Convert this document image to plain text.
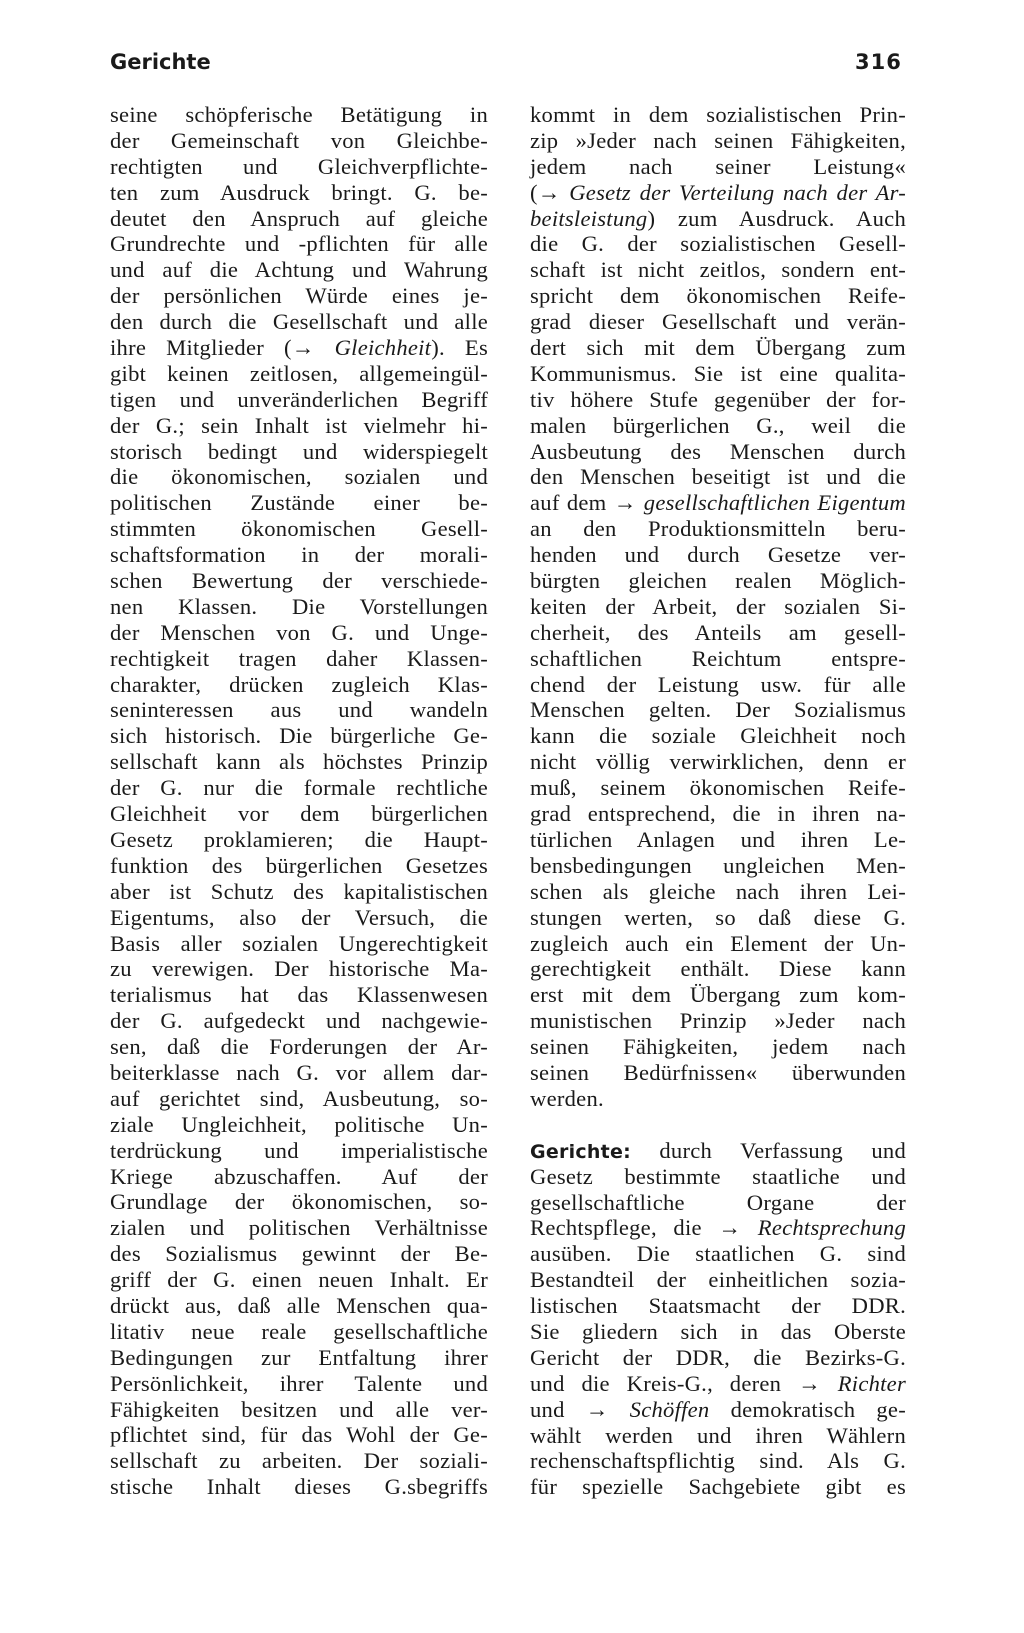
Gerichte	316
seine schöpferische Betätigung in
der Gemeinschaft von Gleichbe-
rechtigten und Gleichverpflichte-
ten zum Ausdruck bringt. G. be-
deutet den Anspruch auf gleiche
Grundrechte und -pflichten für alle
und auf die Achtung und Wahrung
der persönlichen Würde eines je-
den durch die Gesellschaft und alle
ihre Mitglieder (→ Gleichheit). Es
gibt keinen zeitlosen, allgemeingül-
tigen und unveränderlichen Begriff
der G.; sein Inhalt ist vielmehr hi-
storisch bedingt und widerspiegelt
die ökonomischen, sozialen und
politischen Zustände einer be-
stimmten ökonomischen Gesell-
schaftsformation in der morali-
schen Bewertung der verschiede-
nen Klassen. Die Vorstellungen
der Menschen von G. und Unge-
rechtigkeit tragen daher Klassen-
charakter, drücken zugleich Klas-
seninteressen aus und wandeln
sich historisch. Die bürgerliche Ge-
sellschaft kann als höchstes Prinzip
der G. nur die formale rechtliche
Gleichheit vor dem bürgerlichen
Gesetz proklamieren; die Haupt-
funktion des bürgerlichen Gesetzes
aber ist Schutz des kapitalistischen
Eigentums, also der Versuch, die
Basis aller sozialen Ungerechtigkeit
zu verewigen. Der historische Ma-
terialismus hat das Klassenwesen
der G. aufgedeckt und nachgewie-
sen, daß die Forderungen der Ar-
beiterklasse nach G. vor allem dar-
auf gerichtet sind, Ausbeutung, so-
ziale Ungleichheit, politische Un-
terdrückung und imperialistische
Kriege abzuschaffen. Auf der
Grundlage der ökonomischen, so-
zialen und politischen Verhältnisse
des Sozialismus gewinnt der Be-
griff der G. einen neuen Inhalt. Er
drückt aus, daß alle Menschen qua-
litativ neue reale gesellschaftliche
Bedingungen zur Entfaltung ihrer
Persönlichkeit, ihrer Talente und
Fähigkeiten besitzen und alle ver-
pflichtet sind, für das Wohl der Ge-
sellschaft zu arbeiten. Der soziali-
stische Inhalt dieses G.sbegriffs
kommt in dem sozialistischen Prin-
zip »Jeder nach seinen Fähigkeiten,
jedem nach seiner Leistung«
(→ Gesetz der Verteilung nach der Ar-
beitsleistung) zum Ausdruck. Auch
die G. der sozialistischen Gesell-
schaft ist nicht zeitlos, sondern ent-
spricht dem ökonomischen Reife-
grad dieser Gesellschaft und verän-
dert sich mit dem Übergang zum
Kommunismus. Sie ist eine qualita-
tiv höhere Stufe gegenüber der for-
malen bürgerlichen G., weil die
Ausbeutung des Menschen durch
den Menschen beseitigt ist und die
auf dem → gesellschaftlichen Eigentum
an den Produktionsmitteln beru-
henden und durch Gesetze ver-
bürgten gleichen realen Möglich-
keiten der Arbeit, der sozialen Si-
cherheit, des Anteils am gesell-
schaftlichen Reichtum entspre-
chend der Leistung usw. für alle
Menschen gelten. Der Sozialismus
kann die soziale Gleichheit noch
nicht völlig verwirklichen, denn er
muß, seinem ökonomischen Reife-
grad entsprechend, die in ihren na-
türlichen Anlagen und ihren Le-
bensbedingungen ungleichen Men-
schen als gleiche nach ihren Lei-
stungen werten, so daß diese G.
zugleich auch ein Element der Un-
gerechtigkeit enthält. Diese kann
erst mit dem Übergang zum kom-
munistischen Prinzip »Jeder nach
seinen Fähigkeiten, jedem nach
seinen Bedürfnissen« überwunden
werden.
Gerichte: durch Verfassung und
Gesetz bestimmte staatliche und
gesellschaftliche Organe der
Rechtspflege, die → Rechtsprechung
ausüben. Die staatlichen G. sind
Bestandteil der einheitlichen sozia-
listischen Staatsmacht der DDR.
Sie gliedern sich in das Oberste
Gericht der DDR, die Bezirks-G.
und die Kreis-G., deren → Richter
und → Schöffen demokratisch ge-
wählt werden und ihren Wählern
rechenschaftspflichtig sind. Als G.
für spezielle Sachgebiete gibt es
